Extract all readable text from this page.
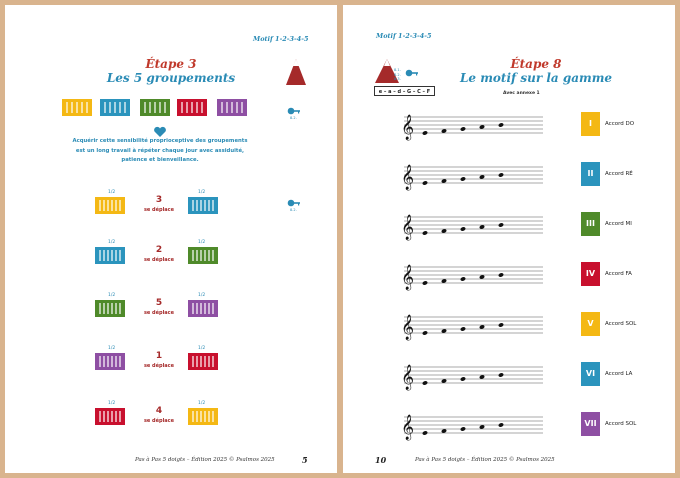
Motif 1-2-3-4-5
Étape 3
Les 5 groupements
8.2.
Acquérir cette sensibilité proprioceptive des groupements
est un long travail à répéter chaque jour avec assiduité,
patience et bienveillance.
8.2.
1/2	1/2
3
se déplace
1/2	1/2
2
se déplace
1/2	1/2
5
se déplace
1/2	1/2
1
se déplace
1/2	1/2
4
se déplace
Pas à Pas 5 doigts – Édition 2025 © Psalmos 2025	5
Motif 1-2-3-4-5
8.1.
8.2.
8.3.
e – a – d – G – C – F
Étape 8
Le motif sur la gamme
Avec annexe 1
𝄞	I	Accord DO
𝄞	II	Accord RÉ
𝄞	III	Accord MI
𝄞	IV	Accord FA
𝄞	V	Accord SOL
𝄞	VI	Accord LA
𝄞	VII	Accord SOL
Pas à Pas 5 doigts – Édition 2025 © Psalmos 2025
10
